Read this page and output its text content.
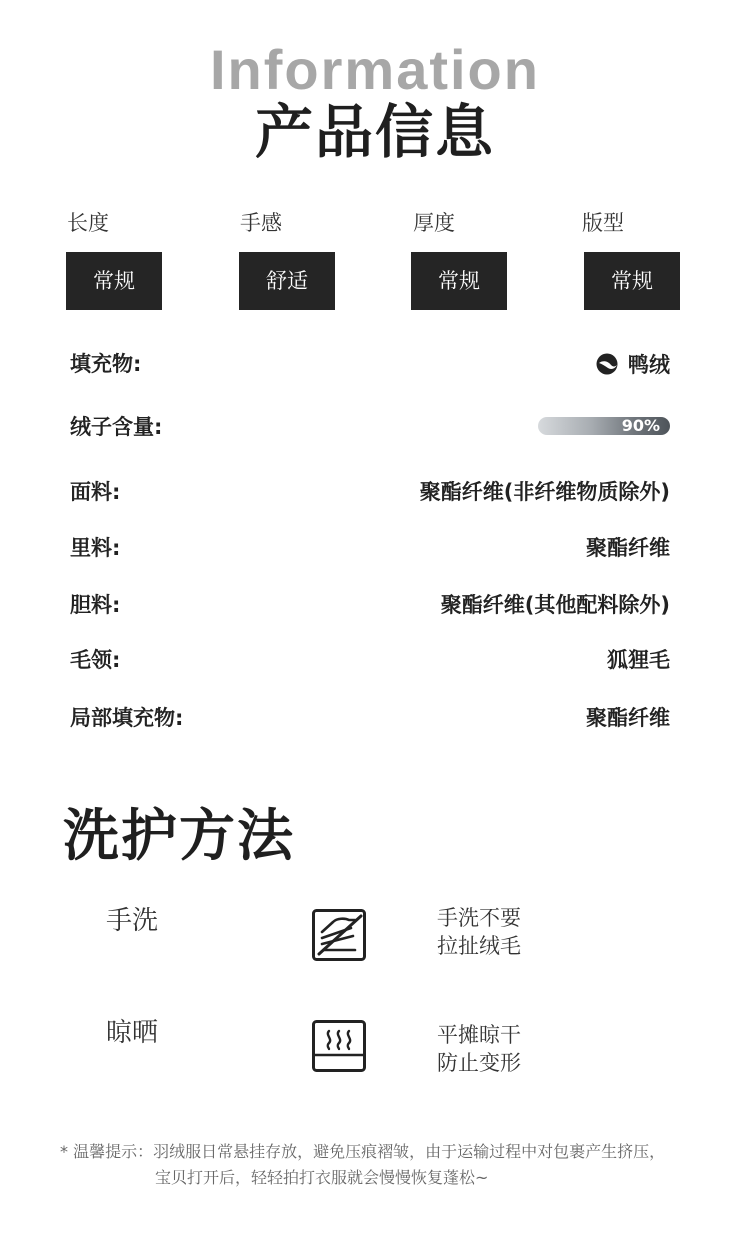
Information
产品信息
长度	手感	厚度	版型
常规	舒适	常规	常规
填充物:	鸭绒
绒子含量:	90%
面料:	聚酯纤维(非纤维物质除外)
里料:	聚酯纤维
胆料:	聚酯纤维(其他配料除外)
毛领:	狐狸毛
局部填充物:	聚酯纤维
洗护方法
手洗	手洗不要
拉扯绒毛
晾晒	平摊晾干
防止变形
* 温馨提示：羽绒服日常悬挂存放，避免压痕褶皱，由于运输过程中对包裹产生挤压，
宝贝打开后，轻轻拍打衣服就会慢慢恢复蓬松~
